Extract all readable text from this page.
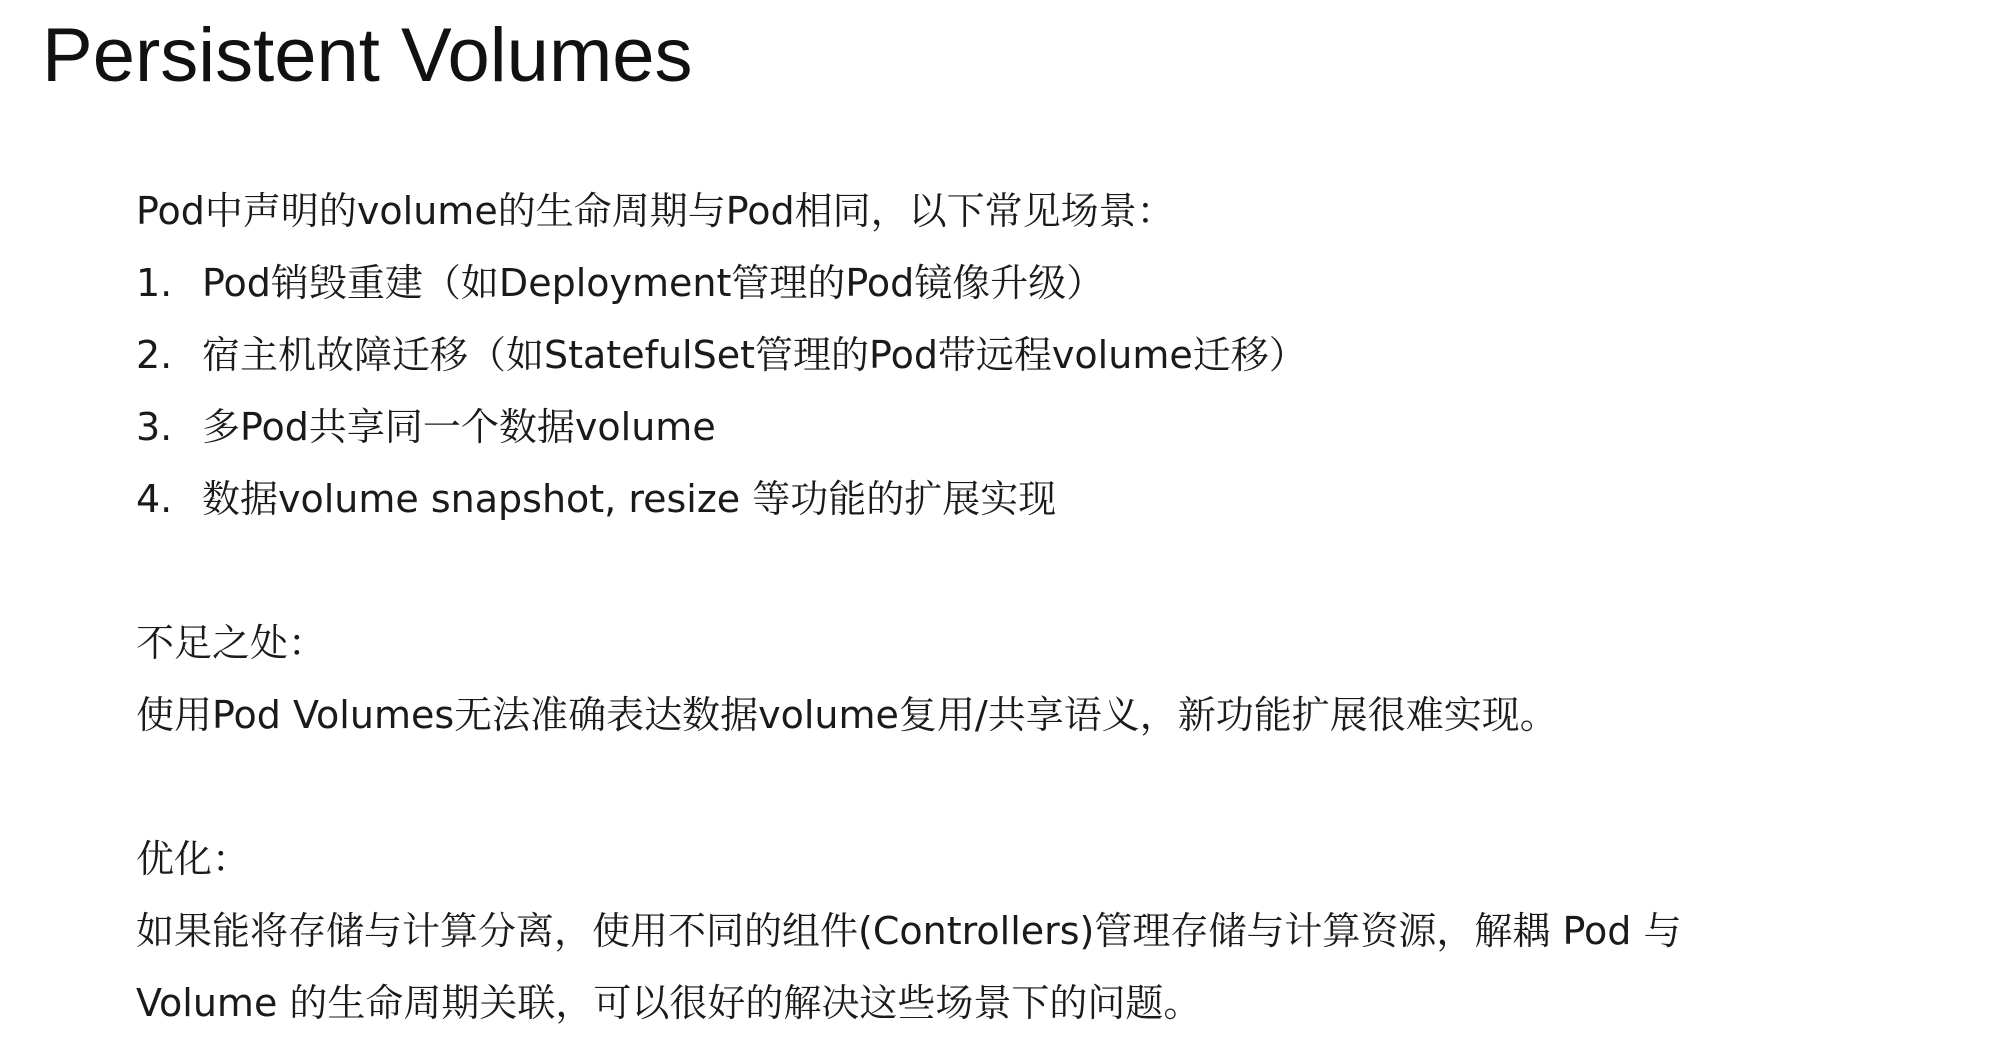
Persistent Volumes
Pod中声明的volume的生命周期与Pod相同，以下常见场景：
1. Pod销毁重建（如Deployment管理的Pod镜像升级）
2. 宿主机故障迁移（如StatefulSet管理的Pod带远程volume迁移）
3. 多Pod共享同一个数据volume
4. 数据volume snapshot, resize 等功能的扩展实现
不足之处：
使用Pod Volumes无法准确表达数据volume复用/共享语义，新功能扩展很难实现。
优化：
如果能将存储与计算分离，使用不同的组件(Controllers)管理存储与计算资源，解耦 Pod 与
Volume 的生命周期关联，可以很好的解决这些场景下的问题。
